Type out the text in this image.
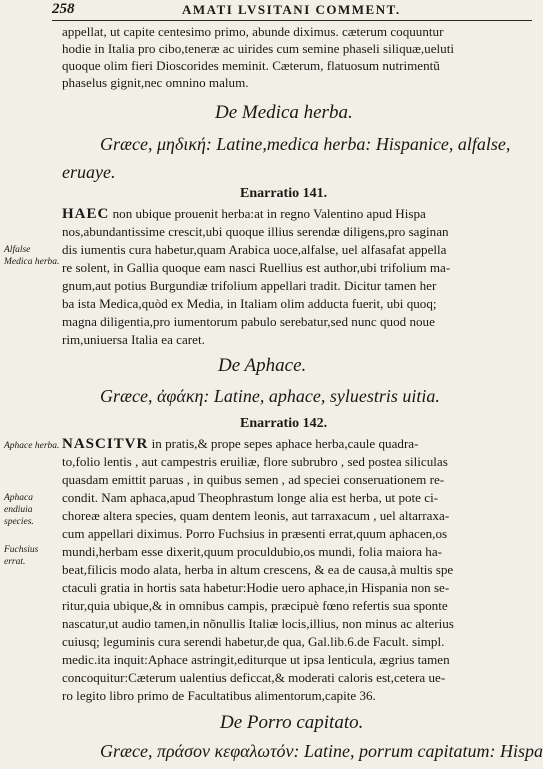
258	AMATI LVSITANI COMMENT.
appellat, ut capite centesimo primo, abunde diximus. cæterum coquuntur
hodie in Italia pro cibo,teneræ ac uirides cum semine phaseli siliquæ,ueluti
quoque olim fieri Dioscorides meminit. Cæterum, flatuosum nutrimentũ
phaselus gignit,nec omnino malum.
De Medica herba.
Græce, μηδική: Latine,medica herba: Hispanice, alfalse,
eruaye.
Enarratio 141.
HAEC non ubique prouenit herba:at in regno Valentino apud Hispa
nos,abundantissime crescit,ubi quoque illius serendæ diligens,pro saginan
dis iumentis cura habetur,quam Arabica uoce,alfalse, uel alfasafat appella
re solent, in Gallia quoque eam nasci Ruellius est author,ubi trifolium ma-
gnum,aut potius Burgundiæ trifolium appellari tradit. Dicitur tamen her
ba ista Medica,quòd ex Media, in Italiam olim adducta fuerit, ubi quoq;
magna diligentia,pro iumentorum pabulo serebatur,sed nunc quod noue
rim,uniuersa Italia ea caret.
Alfalse Medica herba.
De Aphace.
Græce, ἀφάκη: Latine, aphace, syluestris uitia.
Enarratio 142.
NASCITVR in pratis,& prope sepes aphace herba,caule quadra-
to,folio lentis , aut campestris eruiliæ, flore subrubro , sed postea siliculas
quasdam emittit paruas , in quibus semen , ad speciei conseruationem re-
condit. Nam aphaca,apud Theophrastum longe alia est herba, ut pote ci-
choreæ altera species, quam dentem leonis, aut tarraxacum , uel altarraxa-
cum appellari diximus. Porro Fuchsius in præsenti errat,quum aphacen,os
mundi,herbam esse dixerit,quum proculdubio,os mundi, folia maiora ha-
beat,filicis modo alata, herba in altum crescens, & ea de causa,à multis spe
ctaculi gratia in hortis sata habetur:Hodie uero aphace,in Hispania non se-
ritur,quia ubique,& in omnibus campis, præcipuè fœno refertis sua sponte
nascatur,ut audio tamen,in nõnullis Italiæ locis,illius, non minus ac alterius
cuiusq; leguminis cura serendi habetur,de qua, Gal.lib.6.de Facult. simpl.
medic.ita inquit:Aphace astringit,editurque ut ipsa lenticula, ægrius tamen
concoquitur:Cæterum ualentius deficcat,& moderati caloris est,cetera ue-
ro legito libro primo de Facultatibus alimentorum,capite 36.
Aphace herba.
Aphaca endiuia species.
Fuchsius errat.
De Porro capitato.
Græce, πράσον κεφαλωτόν: Latine, porrum capitatum: Hispa
